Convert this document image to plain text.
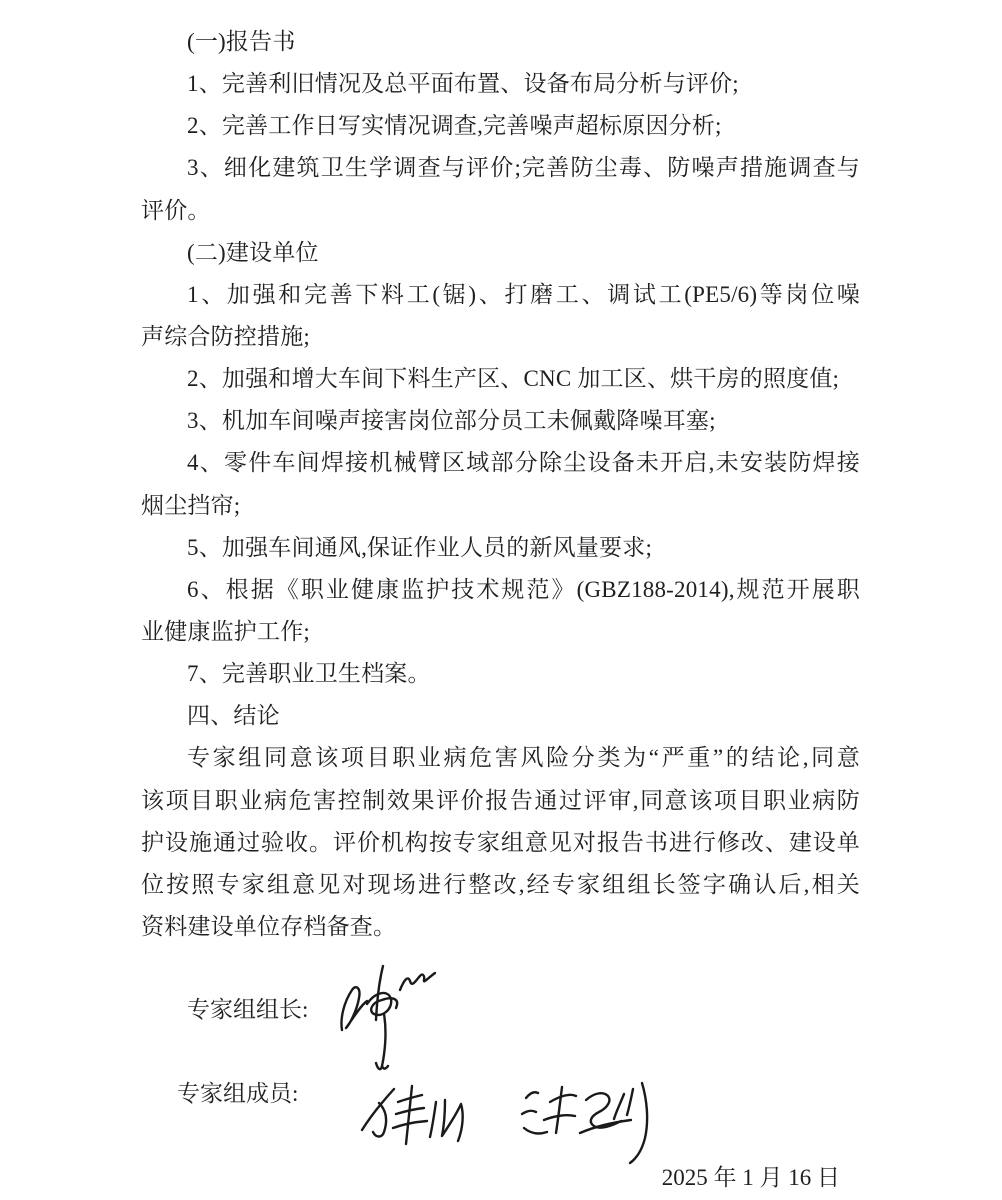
(一)报告书
1、完善利旧情况及总平面布置、设备布局分析与评价;
2、完善工作日写实情况调查,完善噪声超标原因分析;
3、细化建筑卫生学调查与评价;完善防尘毒、防噪声措施调查与
评价。
(二)建设单位
1、加强和完善下料工(锯)、打磨工、调试工(PE5/6)等岗位噪
声综合防控措施;
2、加强和增大车间下料生产区、CNC 加工区、烘干房的照度值;
3、机加车间噪声接害岗位部分员工未佩戴降噪耳塞;
4、零件车间焊接机械臂区域部分除尘设备未开启,未安装防焊接
烟尘挡帘;
5、加强车间通风,保证作业人员的新风量要求;
6、根据《职业健康监护技术规范》(GBZ188-2014),规范开展职
业健康监护工作;
7、完善职业卫生档案。
四、结论
专家组同意该项目职业病危害风险分类为“严重”的结论,同意
该项目职业病危害控制效果评价报告通过评审,同意该项目职业病防
护设施通过验收。评价机构按专家组意见对报告书进行修改、建设单
位按照专家组意见对现场进行整改,经专家组组长签字确认后,相关
资料建设单位存档备查。
专家组组长:
专家组成员:
2025 年 1 月 16 日
